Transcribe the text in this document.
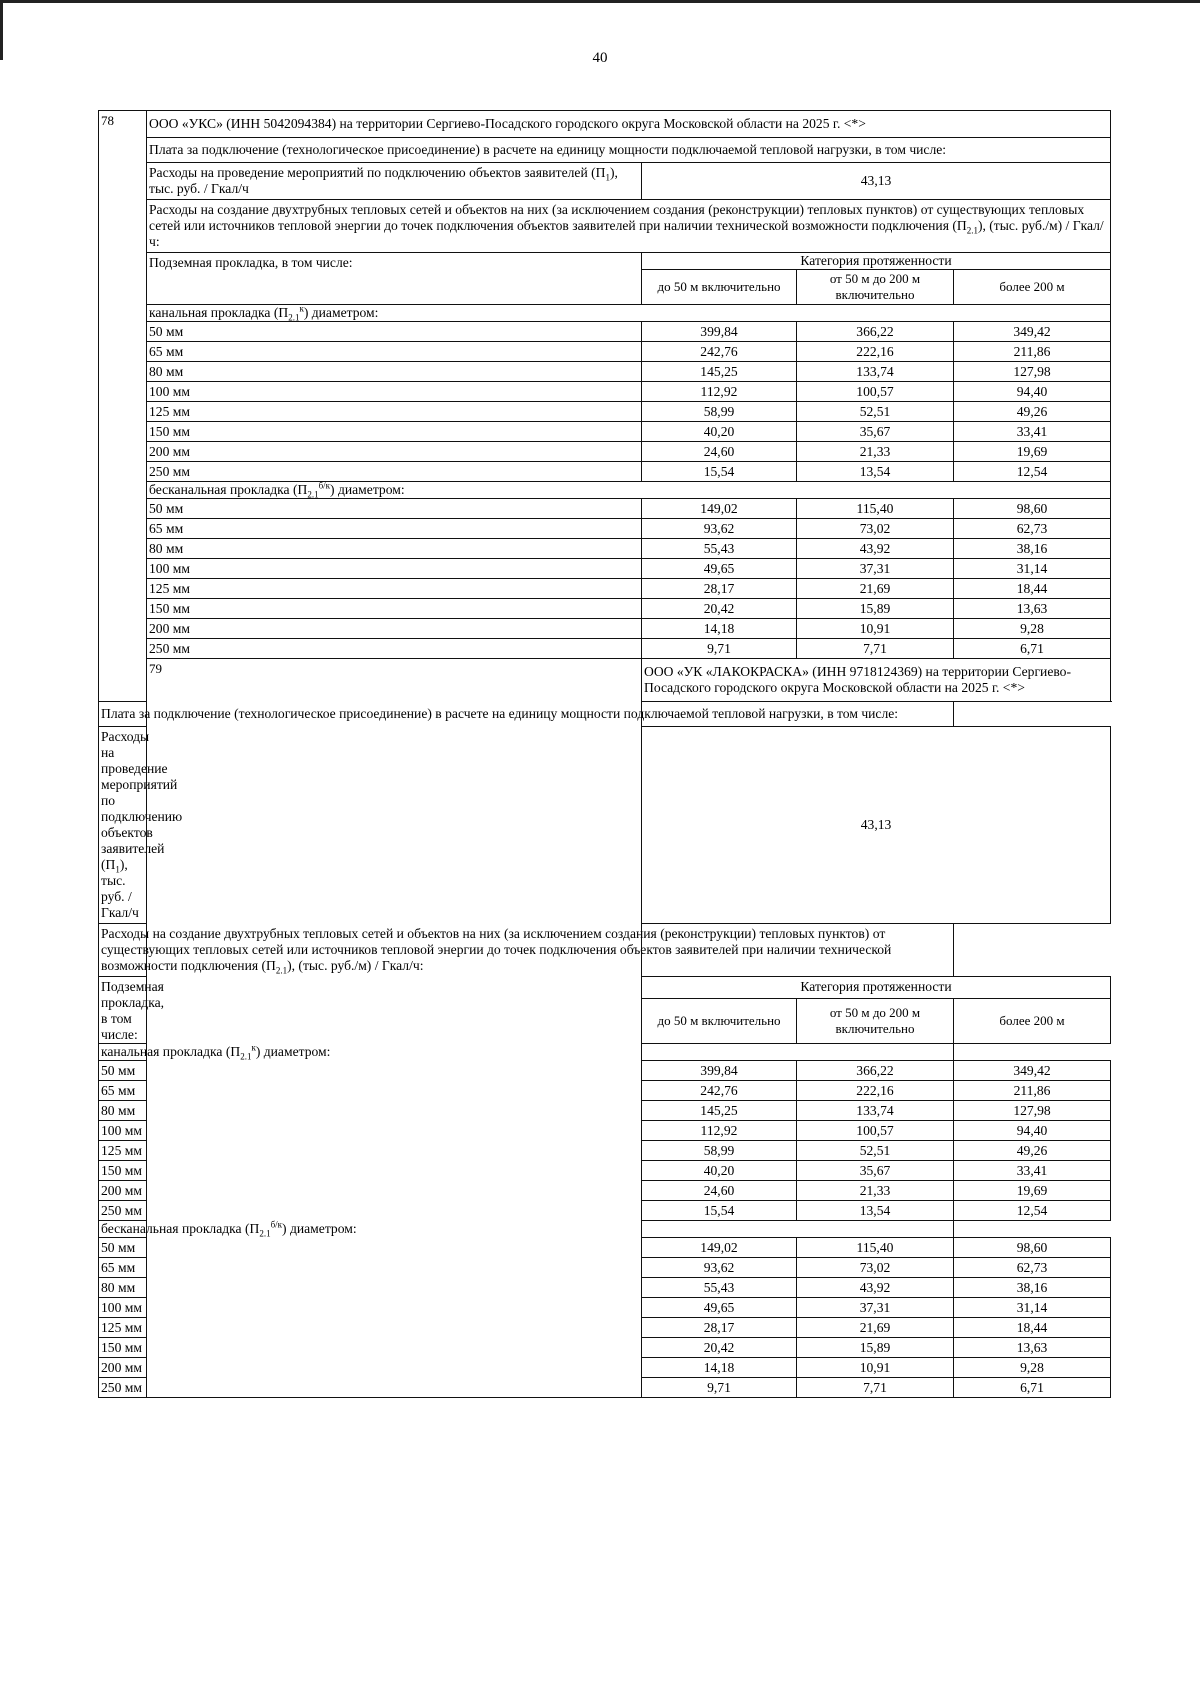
40
78	ООО «УКС» (ИНН 5042094384) на территории Сергиево-Посадского городского округа Московской области на 2025 г. <*>			
	Плата за подключение (технологическое присоединение) в расчете на единицу мощности подключаемой тепловой нагрузки, в том числе:			
	Расходы на проведение мероприятий по подключению объектов заявителей $(П_1)$, тыс. руб. / Гкал/ч	43,13		
	Расходы на создание двухтрубных тепловых сетей и объектов на них (за исключением создания (реконструкции) тепловых пунктов) от существующих тепловых сетей или источников тепловой энергии до точек подключения объектов заявителей при наличии технической возможности подключения $(П_{2.1})$, (тыс. руб./м) / Гкал/ч:			
	Подземная прокладка, в том числе:	Категория протяженности		
		до 50 м включительно	от 50 м до 200 м включительно	более 200 м
	канальная прокладка $(П_{2.1}^к)$ диаметром:			
	50 мм	399,84	366,22	349,42
	65 мм	242,76	222,16	211,86
	80 мм	145,25	133,74	127,98
	100 мм	112,92	100,57	94,40
	125 мм	58,99	52,51	49,26
	150 мм	40,20	35,67	33,41
	200 мм	24,60	21,33	19,69
	250 мм	15,54	13,54	12,54
	бесканальная прокладка $(П_{2.1}^{б/к})$ диаметром:			
	50 мм	149,02	115,40	98,60
	65 мм	93,62	73,02	62,73
	80 мм	55,43	43,92	38,16
	100 мм	49,65	37,31	31,14
	125 мм	28,17	21,69	18,44
	150 мм	20,42	15,89	13,63
	200 мм	14,18	10,91	9,28
	250 мм	9,71	7,71	6,71
	79	ООО «УК «ЛАКОКРАСКА» (ИНН 9718124369) на территории Сергиево-Посадского городского округа Московской области на 2025 г. <*>		
Плата за подключение (технологическое присоединение) в расчете на единицу мощности подключаемой тепловой нагрузки, в том числе:				
Расходы на проведение мероприятий по подключению объектов заявителей $(П_1)$, тыс. руб. / Гкал/ч		43,13		
Расходы на создание двухтрубных тепловых сетей и объектов на них (за исключением создания (реконструкции) тепловых пунктов) от существующих тепловых сетей или источников тепловой энергии до точек подключения объектов заявителей при наличии технической возможности подключения $(П_{2.1})$, (тыс. руб./м) / Гкал/ч:				
Подземная прокладка, в том числе:		Категория протяженности		
		до 50 м включительно	от 50 м до 200 м включительно	более 200 м
канальная прокладка $(П_{2.1}^к)$ диаметром:				
50 мм		399,84	366,22	349,42
65 мм		242,76	222,16	211,86
80 мм		145,25	133,74	127,98
100 мм		112,92	100,57	94,40
125 мм		58,99	52,51	49,26
150 мм		40,20	35,67	33,41
200 мм		24,60	21,33	19,69
250 мм		15,54	13,54	12,54
бесканальная прокладка $(П_{2.1}^{б/к})$ диаметром:				
50 мм		149,02	115,40	98,60
65 мм		93,62	73,02	62,73
80 мм		55,43	43,92	38,16
100 мм		49,65	37,31	31,14
125 мм		28,17	21,69	18,44
150 мм		20,42	15,89	13,63
200 мм		14,18	10,91	9,28
250 мм		9,71	7,71	6,71
